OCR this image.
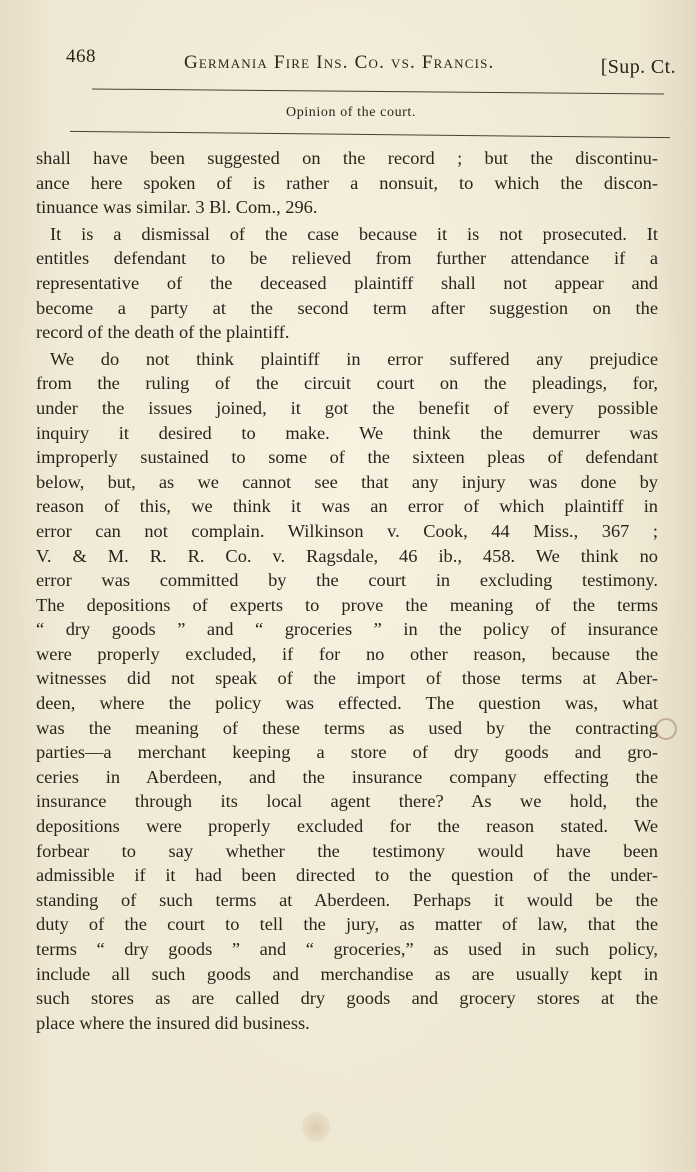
468	Germania Fire Ins. Co. vs. Francis.	[Sup. Ct.
Opinion of the court.
shall have been suggested on the record ; but the discontinu-
ance here spoken of is rather a nonsuit, to which the discon-
tinuance was similar. 3 Bl. Com., 296.
It is a dismissal of the case because it is not prosecuted. It
entitles defendant to be relieved from further attendance if a
representative of the deceased plaintiff shall not appear and
become a party at the second term after suggestion on the
record of the death of the plaintiff.
We do not think plaintiff in error suffered any prejudice
from the ruling of the circuit court on the pleadings, for,
under the issues joined, it got the benefit of every possible
inquiry it desired to make. We think the demurrer was
improperly sustained to some of the sixteen pleas of defendant
below, but, as we cannot see that any injury was done by
reason of this, we think it was an error of which plaintiff in
error can not complain. Wilkinson v. Cook, 44 Miss., 367 ;
V. & M. R. R. Co. v. Ragsdale, 46 ib., 458. We think no
error was committed by the court in excluding testimony.
The depositions of experts to prove the meaning of the terms
“ dry goods ” and “ groceries ” in the policy of insurance
were properly excluded, if for no other reason, because the
witnesses did not speak of the import of those terms at Aber-
deen, where the policy was effected. The question was, what
was the meaning of these terms as used by the contracting
parties—a merchant keeping a store of dry goods and gro-
ceries in Aberdeen, and the insurance company effecting the
insurance through its local agent there? As we hold, the
depositions were properly excluded for the reason stated. We
forbear to say whether the testimony would have been
admissible if it had been directed to the question of the under-
standing of such terms at Aberdeen. Perhaps it would be the
duty of the court to tell the jury, as matter of law, that the
terms “ dry goods ” and “ groceries,” as used in such policy,
include all such goods and merchandise as are usually kept in
such stores as are called dry goods and grocery stores at the
place where the insured did business.
